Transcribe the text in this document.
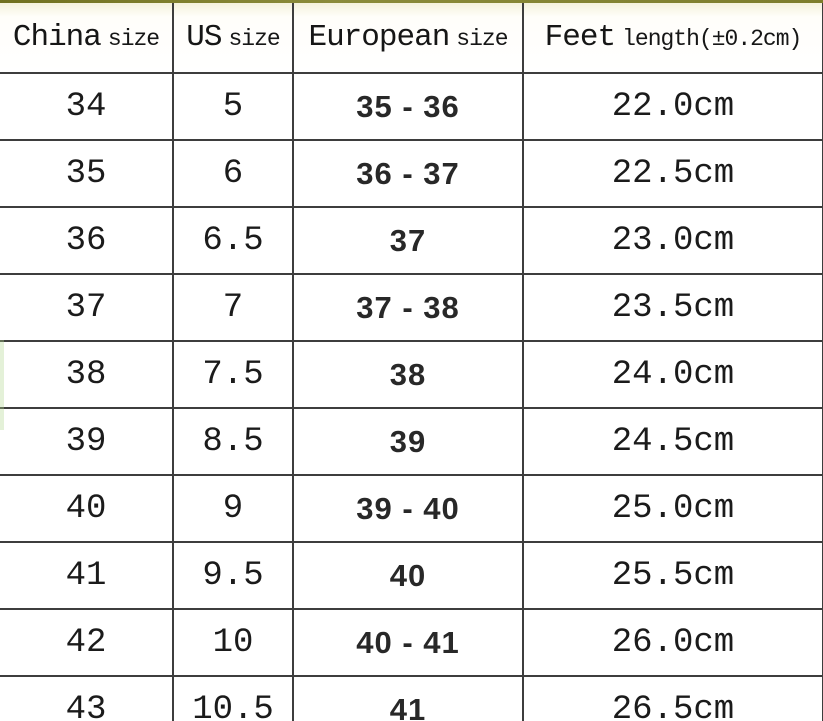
China size	US size	European size	Feet length(±0.2cm)
34	5	35 - 36	22.0cm
35	6	36 - 37	22.5cm
36	6.5	37	23.0cm
37	7	37 - 38	23.5cm
38	7.5	38	24.0cm
39	8.5	39	24.5cm
40	9	39 - 40	25.0cm
41	9.5	40	25.5cm
42	10	40 - 41	26.0cm
43	10.5	41	26.5cm
